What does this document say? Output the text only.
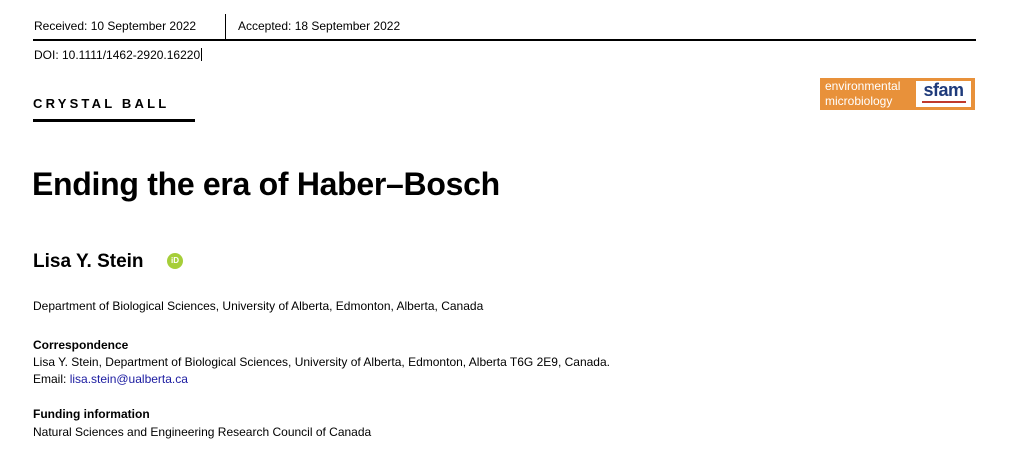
Received: 10 September 2022	Accepted: 18 September 2022
DOI: 10.1111/1462-2920.16220
CRYSTAL BALL
environmental
microbiology
sfam
Ending the era of Haber–Bosch
Lisa Y. Stein	iD
Department of Biological Sciences, University of Alberta, Edmonton, Alberta, Canada
Correspondence
Lisa Y. Stein, Department of Biological Sciences, University of Alberta, Edmonton, Alberta T6G 2E9, Canada.
Email: lisa.stein@ualberta.ca
Funding information
Natural Sciences and Engineering Research Council of Canada
